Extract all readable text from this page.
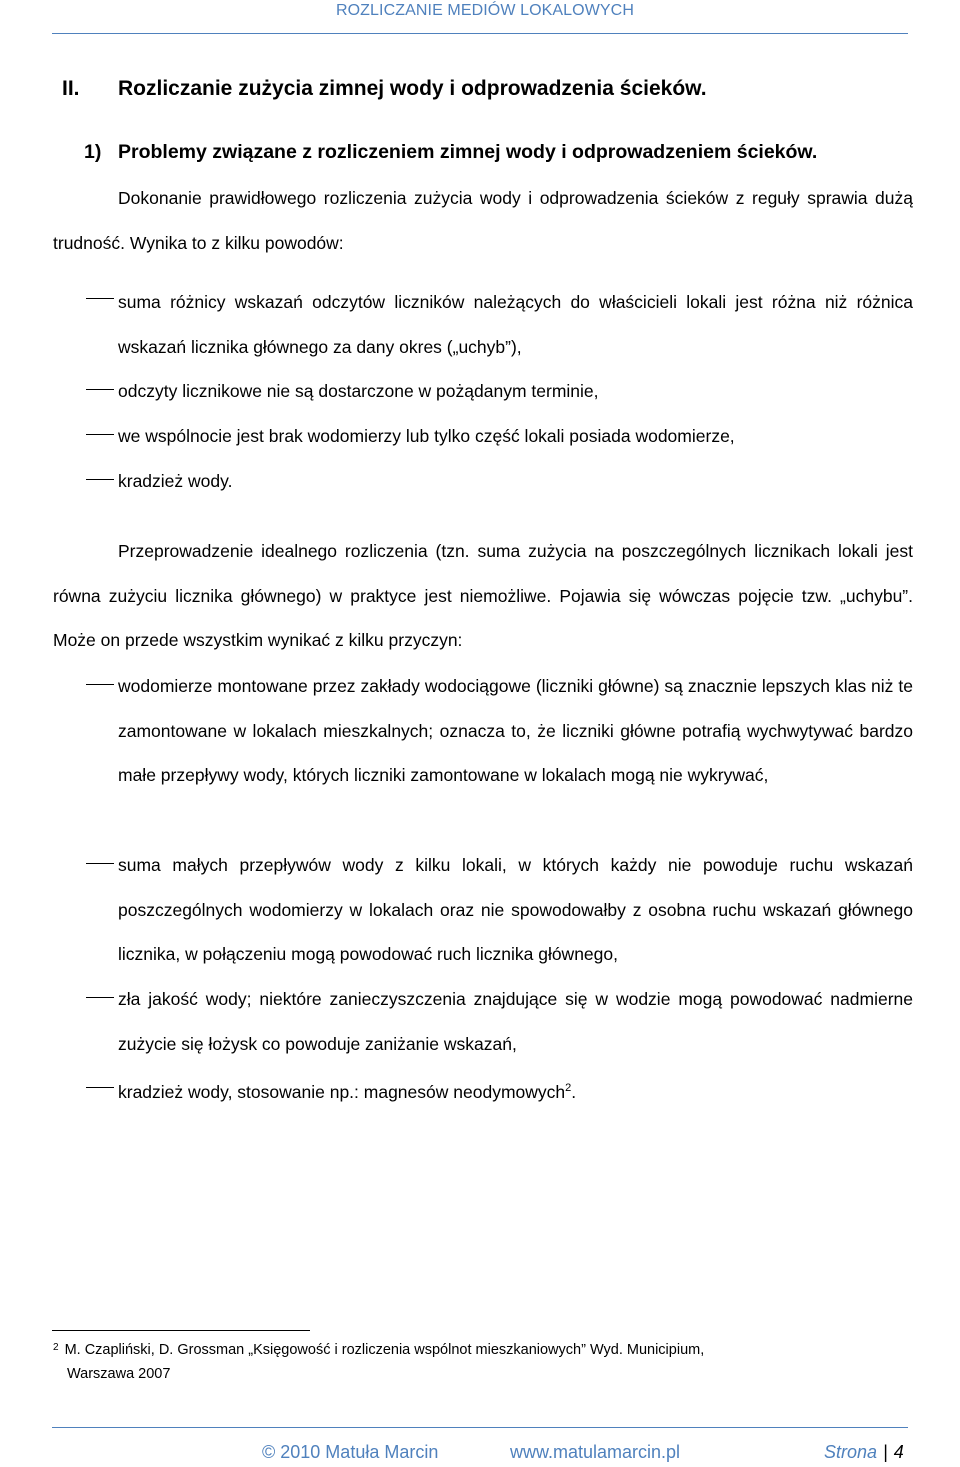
ROZLICZANIE MEDIÓW LOKALOWYCH
II. Rozliczanie zużycia zimnej wody i odprowadzenia ścieków.
1) Problemy związane z rozliczeniem zimnej wody i odprowadzeniem ścieków.
Dokonanie prawidłowego rozliczenia zużycia wody i odprowadzenia ścieków z reguły sprawia dużą trudność. Wynika to z kilku powodów:
suma różnicy wskazań odczytów liczników należących do właścicieli lokali jest różna niż różnica wskazań licznika głównego za dany okres („uchyb”),
odczyty licznikowe nie są dostarczone w pożądanym terminie,
we wspólnocie jest brak wodomierzy lub tylko część lokali posiada wodomierze,
kradzież wody.
Przeprowadzenie idealnego rozliczenia (tzn. suma zużycia na poszczególnych licznikach lokali jest równa zużyciu licznika głównego) w praktyce jest niemożliwe. Pojawia się wówczas pojęcie tzw. „uchybu”. Może on przede wszystkim wynikać z kilku przyczyn:
wodomierze montowane przez zakłady wodociągowe (liczniki główne) są znacznie lepszych klas niż te zamontowane w lokalach mieszkalnych; oznacza to, że liczniki główne potrafią wychwytywać bardzo małe przepływy wody, których liczniki zamontowane w lokalach mogą nie wykrywać,
suma małych przepływów wody z kilku lokali, w których każdy nie powoduje ruchu wskazań poszczególnych wodomierzy w lokalach oraz nie spowodowałby z osobna ruchu wskazań głównego licznika, w połączeniu mogą powodować ruch licznika głównego,
zła jakość wody; niektóre zanieczyszczenia znajdujące się w wodzie mogą powodować nadmierne zużycie się łożysk co powoduje zaniżanie wskazań,
kradzież wody, stosowanie np.: magnesów neodymowych$^2$.
$^2$ M. Czapliński, D. Grossman „Księgowość i rozliczenia wspólnot mieszkaniowych” Wyd. Municipium,
Warszawa 2007
© 2010 Matuła Marcin	www.matulamarcin.pl	Strona | 4
